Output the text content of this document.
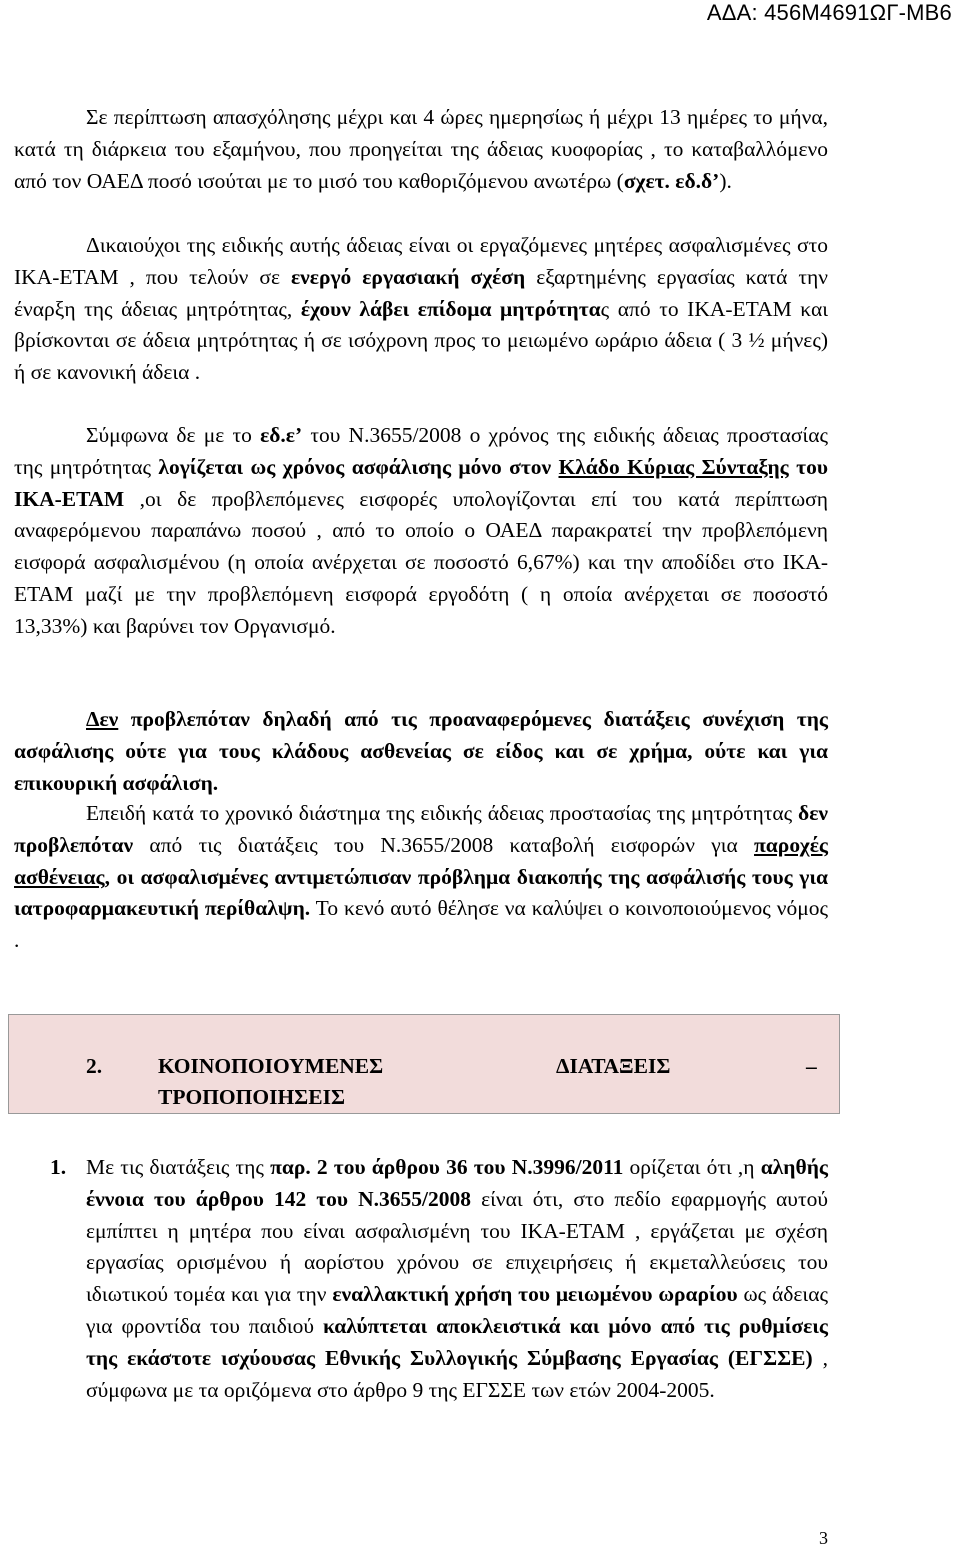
ΑΔΑ: 456Μ4691ΩΓ-ΜΒ6

Σε περίπτωση απασχόλησης μέχρι και 4 ώρες ημερησίως ή μέχρι 13 ημέρες το μήνα, κατά τη διάρκεια του εξαμήνου, που προηγείται της άδειας κυοφορίας , το καταβαλλόμενο από τον ΟΑΕΔ ποσό ισούται με το μισό του καθοριζόμενου ανωτέρω (σχετ. εδ.δ’).

Δικαιούχοι της ειδικής αυτής άδειας είναι οι εργαζόμενες μητέρες ασφαλισμένες στο ΙΚΑ-ΕΤΑΜ , που τελούν σε ενεργό εργασιακή σχέση εξαρτημένης εργασίας κατά την έναρξη της άδειας μητρότητας, έχουν λάβει επίδομα μητρότητας από το ΙΚΑ-ΕΤΑΜ και βρίσκονται σε άδεια μητρότητας ή σε ισόχρονη προς το μειωμένο ωράριο άδεια ( 3 ½ μήνες) ή σε κανονική άδεια .

Σύμφωνα δε με το εδ.ε’ του Ν.3655/2008 ο χρόνος της ειδικής άδειας προστασίας της μητρότητας λογίζεται ως χρόνος ασφάλισης μόνο στον Κλάδο Κύριας Σύνταξης του ΙΚΑ-ΕΤΑΜ ,οι δε προβλεπόμενες εισφορές υπολογίζονται επί του κατά περίπτωση αναφερόμενου παραπάνω ποσού , από το οποίο ο ΟΑΕΔ παρακρατεί την προβλεπόμενη εισφορά ασφαλισμένου (η οποία ανέρχεται σε ποσοστό 6,67%) και την αποδίδει στο ΙΚΑ-ΕΤΑΜ μαζί με την προβλεπόμενη εισφορά εργοδότη ( η οποία ανέρχεται σε ποσοστό 13,33%) και βαρύνει τον Οργανισμό.

Δεν προβλεπόταν δηλαδή από τις προαναφερόμενες διατάξεις συνέχιση της ασφάλισης ούτε για τους κλάδους ασθενείας σε είδος και σε χρήμα, ούτε και για επικουρική ασφάλιση.

Επειδή κατά το χρονικό διάστημα της ειδικής άδειας προστασίας της μητρότητας δεν προβλεπόταν από τις διατάξεις του Ν.3655/2008 καταβολή εισφορών για παροχές ασθένειας, οι ασφαλισμένες αντιμετώπισαν πρόβλημα διακοπής της ασφάλισής τους για ιατροφαρμακευτική περίθαλψη. Το κενό αυτό θέλησε να καλύψει ο κοινοποιούμενος νόμος .

2.	ΚΟΙΝΟΠΟΙΟΥΜΕΝΕΣ	ΔΙΑΤΑΞΕΙΣ	–
ΤΡΟΠΟΠΟΙΗΣΕΙΣ
1. Με τις διατάξεις της παρ. 2 του άρθρου 36 του Ν.3996/2011 ορίζεται ότι ,η αληθής έννοια του άρθρου 142 του Ν.3655/2008 είναι ότι, στο πεδίο εφαρμογής αυτού εμπίπτει η μητέρα που είναι ασφαλισμένη του ΙΚΑ-ΕΤΑΜ , εργάζεται με σχέση εργασίας ορισμένου ή αορίστου χρόνου σε επιχειρήσεις ή εκμεταλλεύσεις του ιδιωτικού τομέα και για την εναλλακτική χρήση του μειωμένου ωραρίου ως άδειας για φροντίδα του παιδιού καλύπτεται αποκλειστικά και μόνο από τις ρυθμίσεις της εκάστοτε ισχύουσας Εθνικής Συλλογικής Σύμβασης Εργασίας (ΕΓΣΣΕ) , σύμφωνα με τα οριζόμενα στο άρθρο 9 της ΕΓΣΣΕ των ετών 2004-2005.

3
